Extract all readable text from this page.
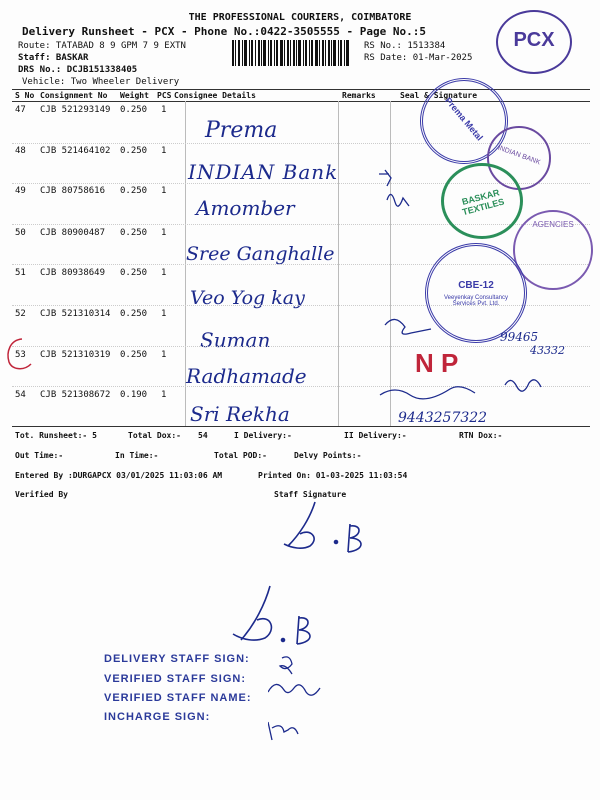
THE PROFESSIONAL COURIERS, COIMBATORE
Delivery Runsheet - PCX - Phone No.:0422-3505555 - Page No.:5
Route: TATABAD 8 9 GPM 7 9 EXTN
Staff: BASKAR
DRS No.: DCJB151338405
Vehicle: Two Wheeler Delivery
RS No.: 1513384
RS Date: 01-Mar-2025
PCX
S No Consignment No Weight PCS Consignee Details	Remarks	Seal & Signature
47 CJB 521293149 0.250 1
Prema
48 CJB 521464102 0.250 1
INDIAN Bank
49 CJB 80758616 0.250 1
Amomber
50 CJB 80900487 0.250 1
Sree Ganghalle
51 CJB 80938649 0.250 1
Veo Yog kay
52 CJB 521310314 0.250 1
Suman
53 CJB 521310319 0.250 1
Radhamade	N P
54 CJB 521308672 0.190 1
Sri Rekha
Prema Metal
INDIAN BANK
BASKAR TEXTILES
AGENCIES
CBE-12
Veeyenkay Consultancy Services Pvt. Ltd.
99465
43332
9443257322
Tot. Runsheet:- 5	Total Dox:- 54	I Delivery:-	II Delivery:-	RTN Dox:-
Out Time:-	In Time:-	Total POD:-	Delvy Points:-
Entered By :DURGAPCX 03/01/2025 11:03:06 AM	Printed On: 01-03-2025 11:03:54
Verified By	Staff Signature
DELIVERY STAFF SIGN:
VERIFIED STAFF SIGN:
VERIFIED STAFF NAME:
INCHARGE SIGN:
